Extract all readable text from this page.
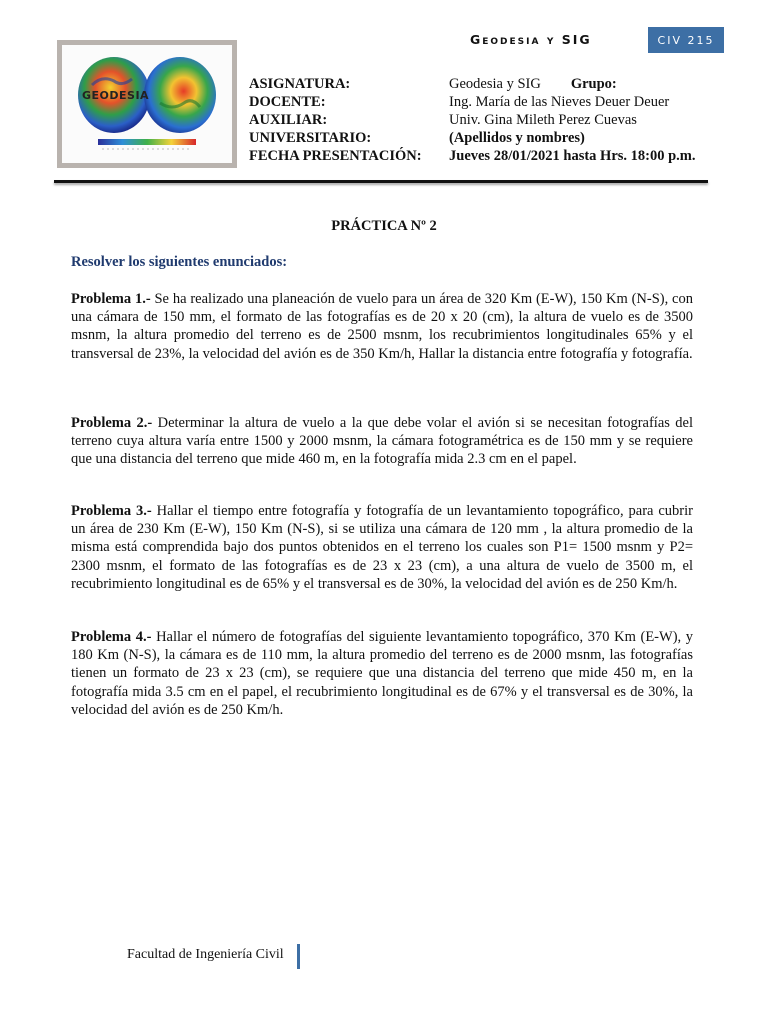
Geodesia y SIG	CIV 215
GEODESIA
ASIGNATURA:	Geodesia y SIG Grupo:
DOCENTE:	Ing. María de las Nieves Deuer Deuer
AUXILIAR:	Univ. Gina Mileth Perez Cuevas
UNIVERSITARIO:	(Apellidos y nombres)
FECHA PRESENTACIÓN:	Jueves 28/01/2021 hasta Hrs. 18:00 p.m.
PRÁCTICA Nº 2
Resolver los siguientes enunciados:
Problema 1.- Se ha realizado una planeación de vuelo para un área de 320 Km (E-W), 150 Km (N-S), con una cámara de 150 mm, el formato de las fotografías es de 20 x 20 (cm), la altura de vuelo es de 3500 msnm, la altura promedio del terreno es de 2500 msnm, los recubrimientos longitudinales 65% y el transversal de 23%, la velocidad del avión es de 350 Km/h, Hallar la distancia entre fotografía y fotografía.
Problema 2.- Determinar la altura de vuelo a la que debe volar el avión si se necesitan fotografías del terreno cuya altura varía entre 1500 y 2000 msnm, la cámara fotogramétrica es de 150 mm y se requiere que una distancia del terreno que mide 460 m, en la fotografía mida 2.3 cm en el papel.
Problema 3.- Hallar el tiempo entre fotografía y fotografía de un levantamiento topográfico, para cubrir un área de 230 Km (E-W), 150 Km (N-S), si se utiliza una cámara de 120 mm , la altura promedio de la misma está comprendida bajo dos puntos obtenidos en el terreno los cuales son P1= 1500 msnm y P2= 2300 msnm, el formato de las fotografías es de 23 x 23 (cm), a una altura de vuelo de 3500 m, el recubrimiento longitudinal es de 65% y el transversal es de 30%, la velocidad del avión es de 250 Km/h.
Problema 4.- Hallar el número de fotografías del siguiente levantamiento topográfico, 370 Km (E-W), y 180 Km (N-S), la cámara es de 110 mm, la altura promedio del terreno es de 2000 msnm, las fotografías tienen un formato de 23 x 23 (cm), se requiere que una distancia del terreno que mide 450 m, en la fotografía mida 3.5 cm en el papel, el recubrimiento longitudinal es de 67% y el transversal es de 30%, la velocidad del avión es de 250 Km/h.
Facultad de Ingeniería Civil
